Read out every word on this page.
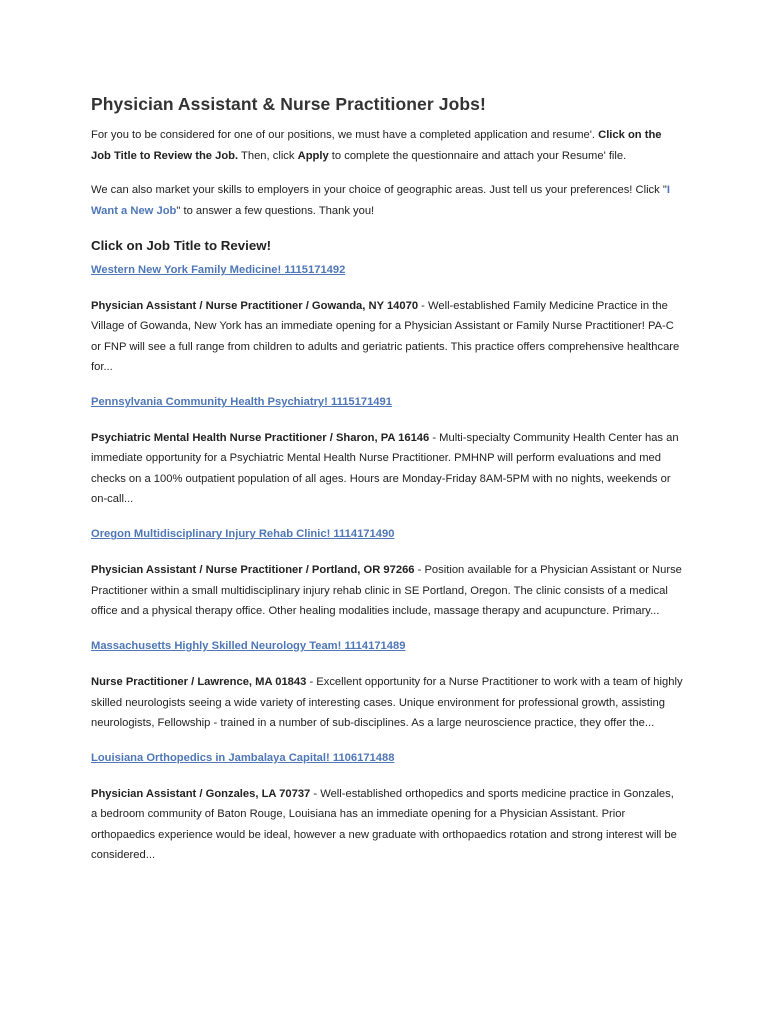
Physician Assistant & Nurse Practitioner Jobs!

For you to be considered for one of our positions, we must have a completed application and resume'. Click on the Job Title to Review the Job. Then, click Apply to complete the questionnaire and attach your Resume' file.

We can also market your skills to employers in your choice of geographic areas. Just tell us your preferences! Click "I Want a New Job" to answer a few questions. Thank you!

Click on Job Title to Review!
Western New York Family Medicine! 1115171492

Physician Assistant / Nurse Practitioner / Gowanda, NY 14070 - Well-established Family Medicine Practice in the Village of Gowanda, New York has an immediate opening for a Physician Assistant or Family Nurse Practitioner! PA-C or FNP will see a full range from children to adults and geriatric patients. This practice offers comprehensive healthcare for...

Pennsylvania Community Health Psychiatry! 1115171491

Psychiatric Mental Health Nurse Practitioner / Sharon, PA 16146 - Multi-specialty Community Health Center has an immediate opportunity for a Psychiatric Mental Health Nurse Practitioner. PMHNP will perform evaluations and med checks on a 100% outpatient population of all ages. Hours are Monday-Friday 8AM-5PM with no nights, weekends or on-call...

Oregon Multidisciplinary Injury Rehab Clinic! 1114171490

Physician Assistant / Nurse Practitioner / Portland, OR 97266 - Position available for a Physician Assistant or Nurse Practitioner within a small multidisciplinary injury rehab clinic in SE Portland, Oregon. The clinic consists of a medical office and a physical therapy office. Other healing modalities include, massage therapy and acupuncture. Primary...

Massachusetts Highly Skilled Neurology Team! 1114171489

Nurse Practitioner / Lawrence, MA 01843 - Excellent opportunity for a Nurse Practitioner to work with a team of highly skilled neurologists seeing a wide variety of interesting cases. Unique environment for professional growth, assisting neurologists, Fellowship - trained in a number of sub-disciplines. As a large neuroscience practice, they offer the...

Louisiana Orthopedics in Jambalaya Capital! 1106171488

Physician Assistant / Gonzales, LA 70737 - Well-established orthopedics and sports medicine practice in Gonzales, a bedroom community of Baton Rouge, Louisiana has an immediate opening for a Physician Assistant. Prior orthopaedics experience would be ideal, however a new graduate with orthopaedics rotation and strong interest will be considered...
